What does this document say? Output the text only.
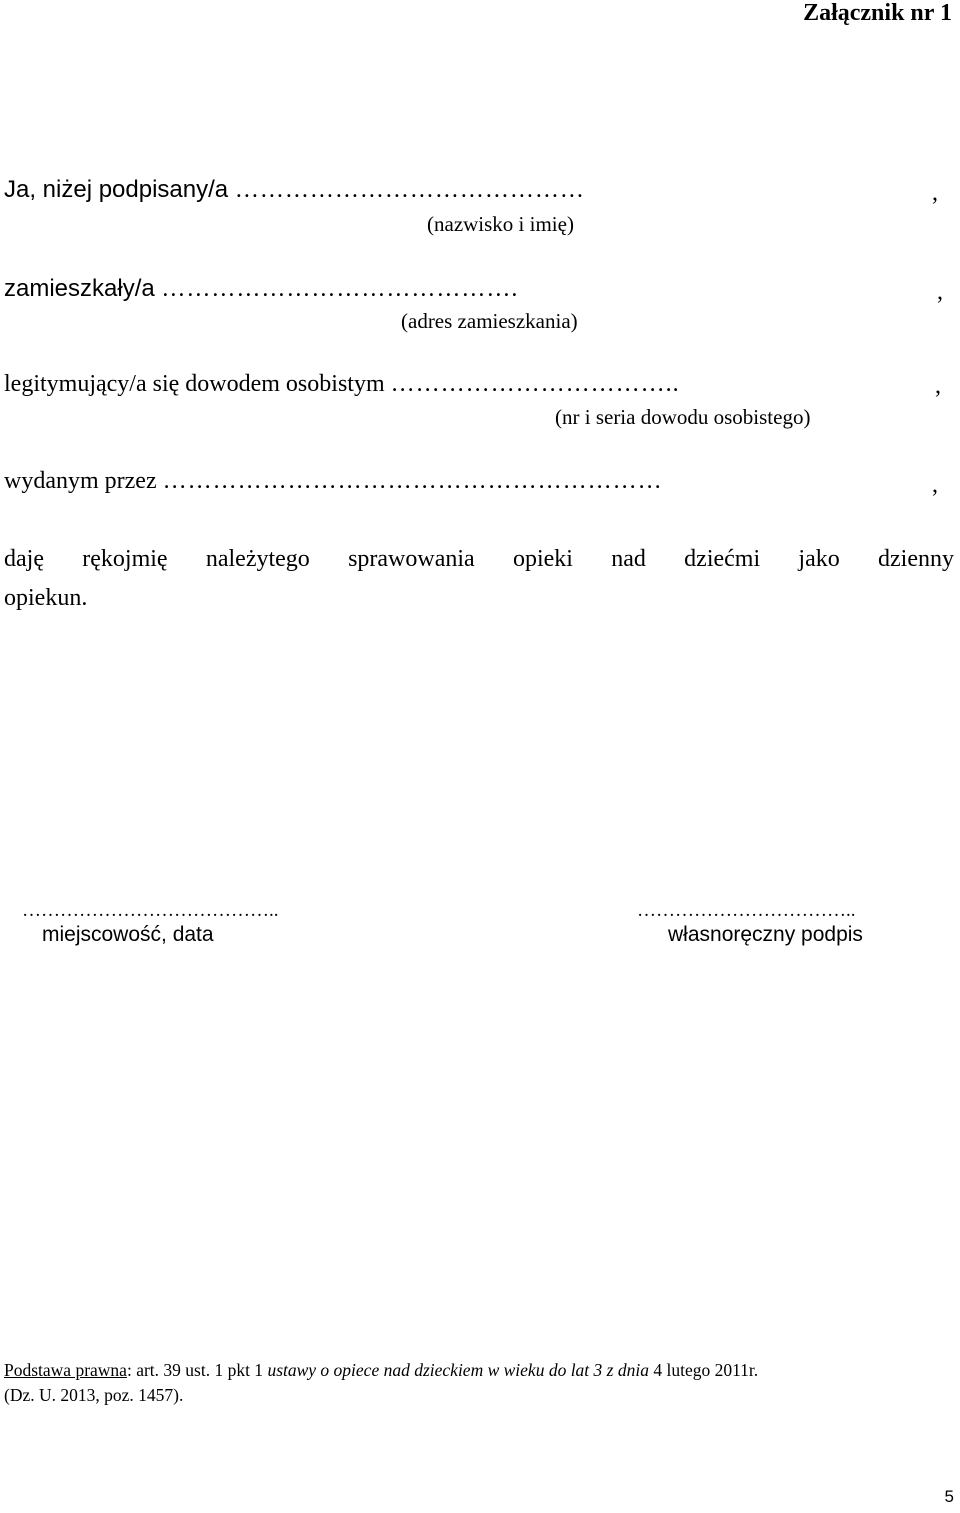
Załącznik nr 1
Ja, niżej podpisany/a ……………………………………	,
(nazwisko i imię)
zamieszkały/a …………………………………….	,
(adres zamieszkania)
legitymujący/a się dowodem osobistym ……………………………..	,
(nr i seria dowodu osobistego)
wydanym przez ……………………………………………………	,
daję rękojmię należytego sprawowania opieki nad dziećmi jako dzienny
opiekun.
…………………………………..
miejscowość, data
……………………………..
własnoręczny podpis
Podstawa prawna: art. 39 ust. 1 pkt 1 ustawy o opiece nad dzieckiem w wieku do lat 3 z dnia 4 lutego 2011r.
(Dz. U. 2013, poz. 1457).
5
